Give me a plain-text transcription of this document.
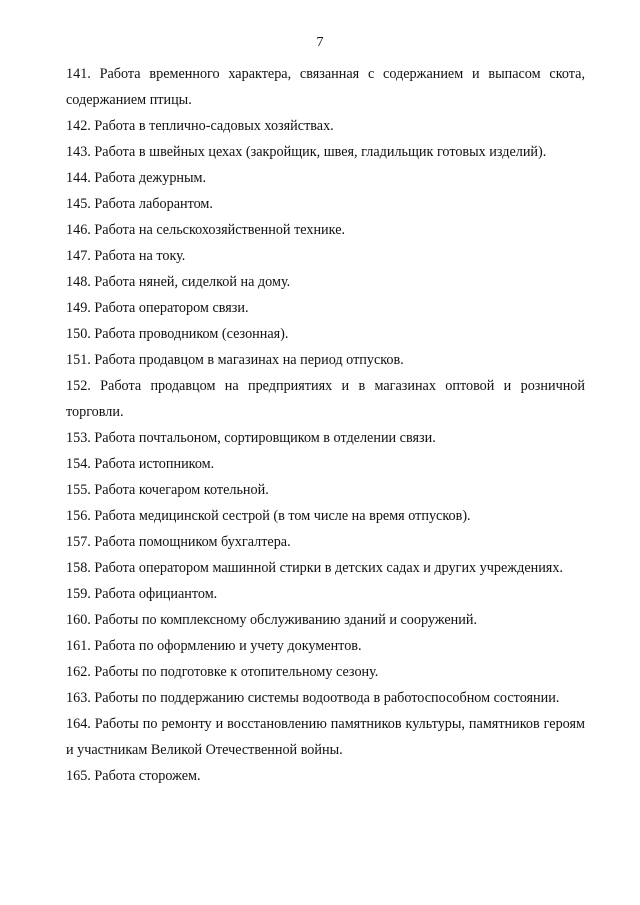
7
141. Работа временного характера, связанная с содержанием и выпасом скота, содержанием птицы.
142. Работа в теплично-садовых хозяйствах.
143. Работа в швейных цехах (закройщик, швея, гладильщик готовых изделий).
144. Работа дежурным.
145. Работа лаборантом.
146. Работа на сельскохозяйственной технике.
147. Работа на току.
148. Работа няней, сиделкой на дому.
149. Работа оператором связи.
150. Работа проводником (сезонная).
151. Работа продавцом в магазинах на период отпусков.
152. Работа продавцом на предприятиях и в магазинах оптовой и розничной торговли.
153. Работа почтальоном, сортировщиком в отделении связи.
154. Работа истопником.
155. Работа кочегаром котельной.
156. Работа медицинской сестрой (в том числе на время отпусков).
157. Работа помощником бухгалтера.
158. Работа оператором машинной стирки в детских садах и других учреждениях.
159. Работа официантом.
160. Работы по комплексному обслуживанию зданий и сооружений.
161. Работа по оформлению и учету документов.
162. Работы по подготовке к отопительному сезону.
163. Работы по поддержанию системы водоотвода в работоспособном состоянии.
164. Работы по ремонту и восстановлению памятников культуры, памятников героям и участникам Великой Отечественной войны.
165. Работа сторожем.
